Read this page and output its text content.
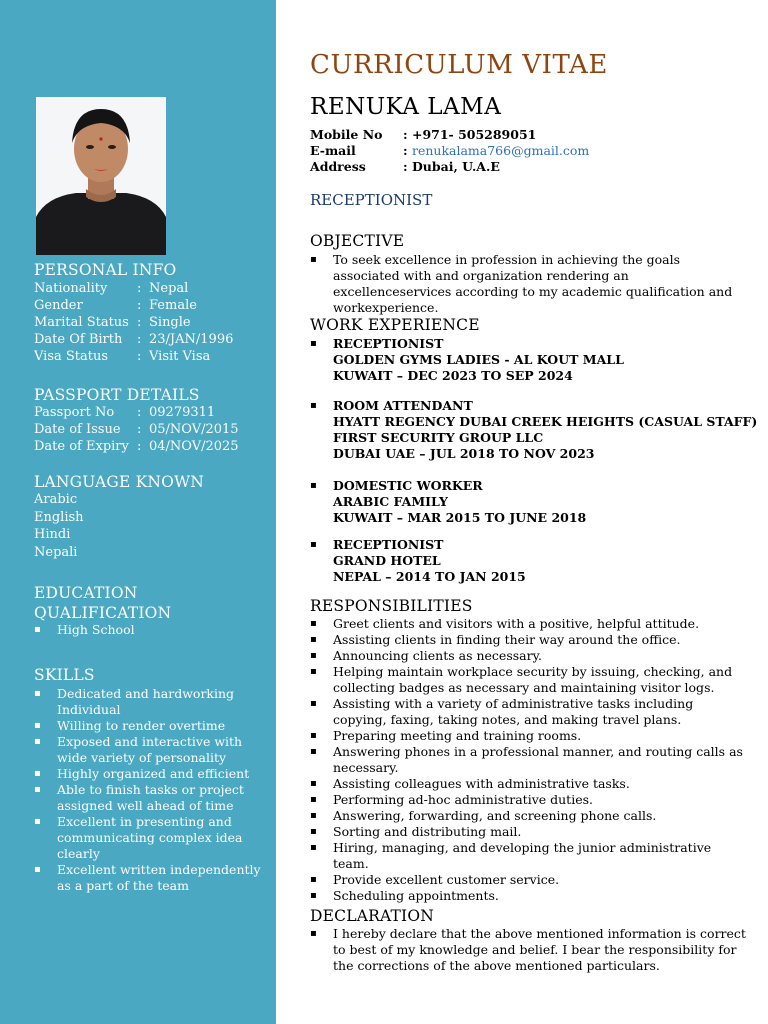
PERSONAL INFO
Nationality : Nepal
Gender	: Female
Marital Status : Single
Date Of Birth : 23/JAN/1996
Visa Status : Visit Visa
PASSPORT DETAILS
Passport No : 09279311
Date of Issue : 05/NOV/2015
Date of Expiry : 04/NOV/2025
LANGUAGE KNOWN
Arabic
English
Hindi
Nepali
EDUCATION
QUALIFICATION
▪ High School
SKILLS
▪ Dedicated and hardworking Individual
▪ Willing to render overtime
▪ Exposed and interactive with wide variety of personality
▪ Highly organized and efficient
▪ Able to finish tasks or project assigned well ahead of time
▪ Excellent in presenting and communicating complex idea clearly
▪ Excellent written independently as a part of the team
CURRICULUM VITAE
RENUKA LAMA
Mobile No : +971- 505289051
E-mail	: renukalama766@gmail.com
Address	: Dubai, U.A.E
RECEPTIONIST
OBJECTIVE
▪ To seek excellence in profession in achieving the goals associated with and organization rendering an excellenceservices according to my academic qualification and workexperience.
WORK EXPERIENCE
▪	RECEPTIONIST
GOLDEN GYMS LADIES - AL KOUT MALL
KUWAIT – DEC 2023 TO SEP 2024
▪	ROOM ATTENDANT
HYATT REGENCY DUBAI CREEK HEIGHTS (CASUAL STAFF)
FIRST SECURITY GROUP LLC
DUBAI UAE – JUL 2018 TO NOV 2023
▪	DOMESTIC WORKER
ARABIC FAMILY
KUWAIT – MAR 2015 TO JUNE 2018
▪	RECEPTIONIST
GRAND HOTEL
NEPAL – 2014 TO JAN 2015
RESPONSIBILITIES
▪ Greet clients and visitors with a positive, helpful attitude.
▪ Assisting clients in finding their way around the office.
▪ Announcing clients as necessary.
▪ Helping maintain workplace security by issuing, checking, and collecting badges as necessary and maintaining visitor logs.
▪ Assisting with a variety of administrative tasks including copying, faxing, taking notes, and making travel plans.
▪ Preparing meeting and training rooms.
▪ Answering phones in a professional manner, and routing calls as necessary.
▪ Assisting colleagues with administrative tasks.
▪ Performing ad-hoc administrative duties.
▪ Answering, forwarding, and screening phone calls.
▪ Sorting and distributing mail.
▪ Hiring, managing, and developing the junior administrative team.
▪ Provide excellent customer service.
▪ Scheduling appointments.
DECLARATION
▪ I hereby declare that the above mentioned information is correct to best of my knowledge and belief. I bear the responsibility for the corrections of the above mentioned particulars.
